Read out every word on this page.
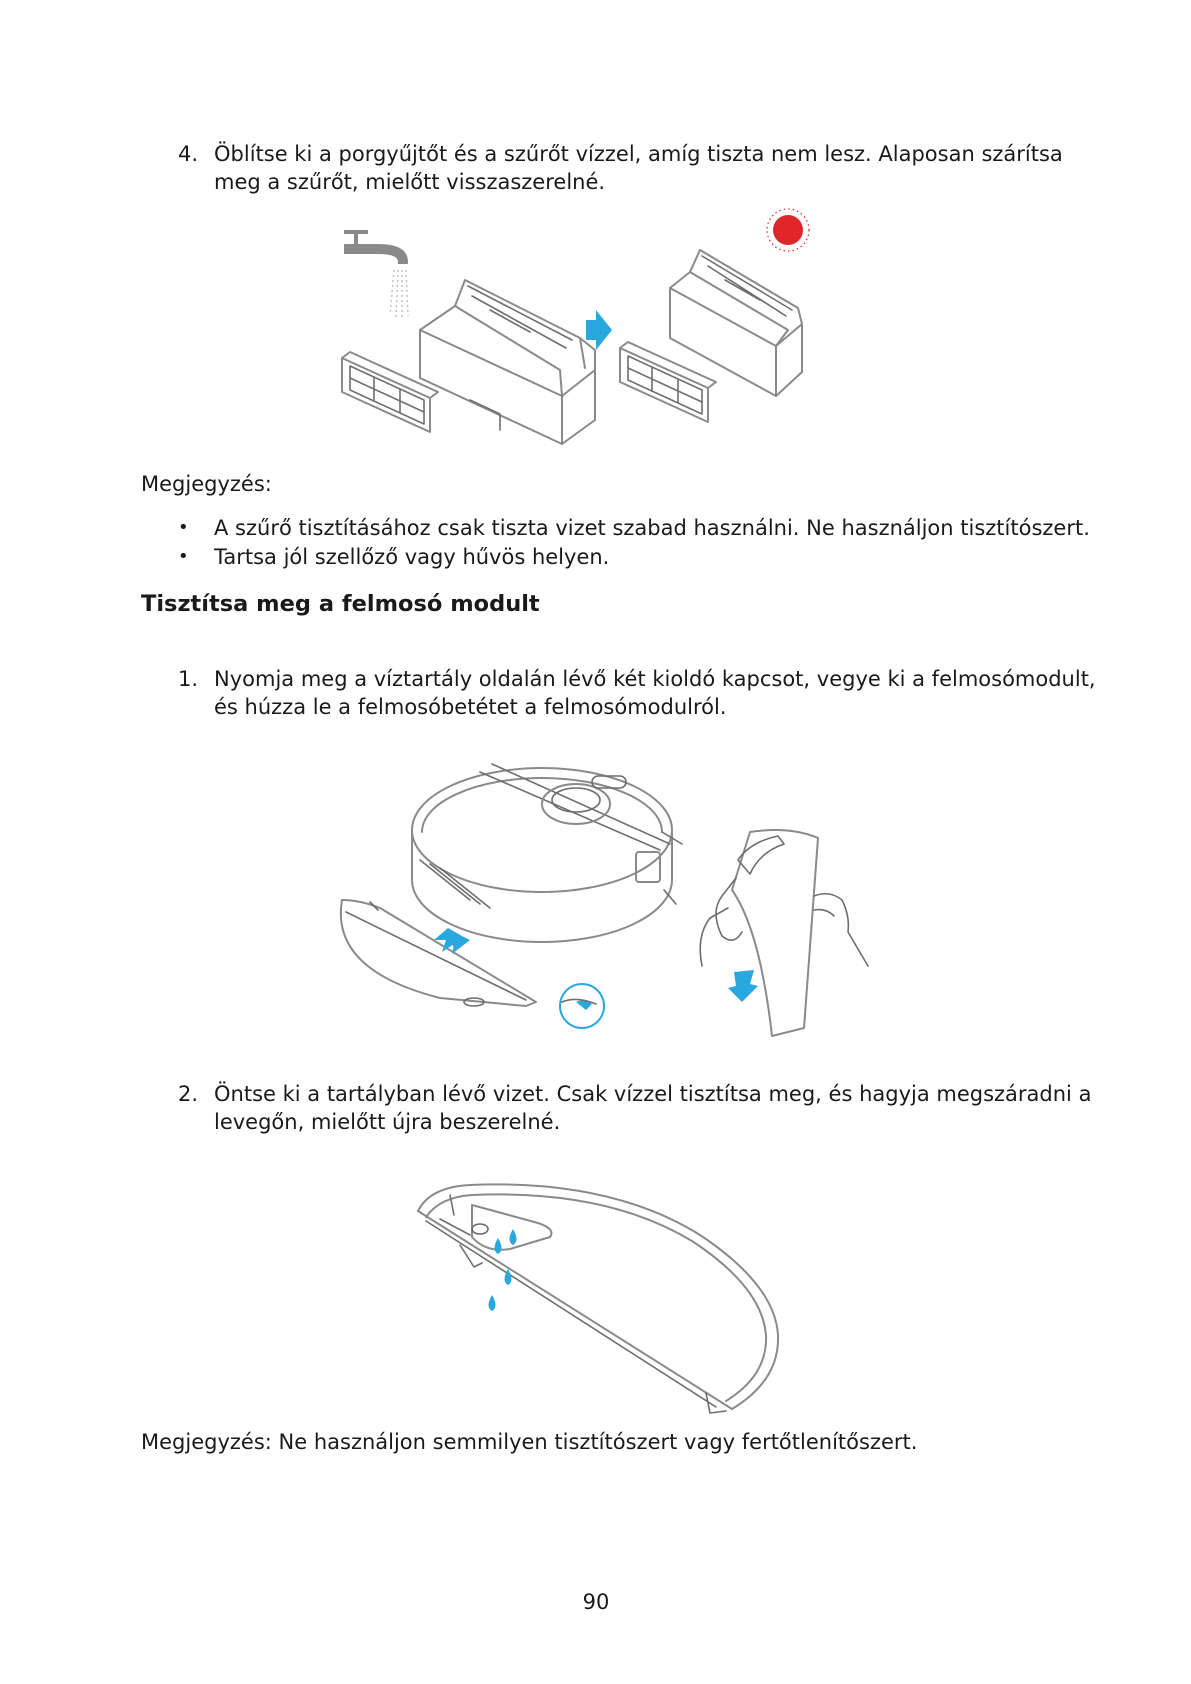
4. Öblítse ki a porgyűjtőt és a szűrőt vízzel, amíg tiszta nem lesz. Alaposan szárítsa
meg a szűrőt, mielőtt visszaszerelné.
Megjegyzés:
• A szűrő tisztításához csak tiszta vizet szabad használni. Ne használjon tisztítószert.
• Tartsa jól szellőző vagy hűvös helyen.
Tisztítsa meg a felmosó modult
1. Nyomja meg a víztartály oldalán lévő két kioldó kapcsot, vegye ki a felmosómodult,
és húzza le a felmosóbetétet a felmosómodulról.
2. Öntse ki a tartályban lévő vizet. Csak vízzel tisztítsa meg, és hagyja megszáradni a
levegőn, mielőtt újra beszerelné.
Megjegyzés: Ne használjon semmilyen tisztítószert vagy fertőtlenítőszert.
90
